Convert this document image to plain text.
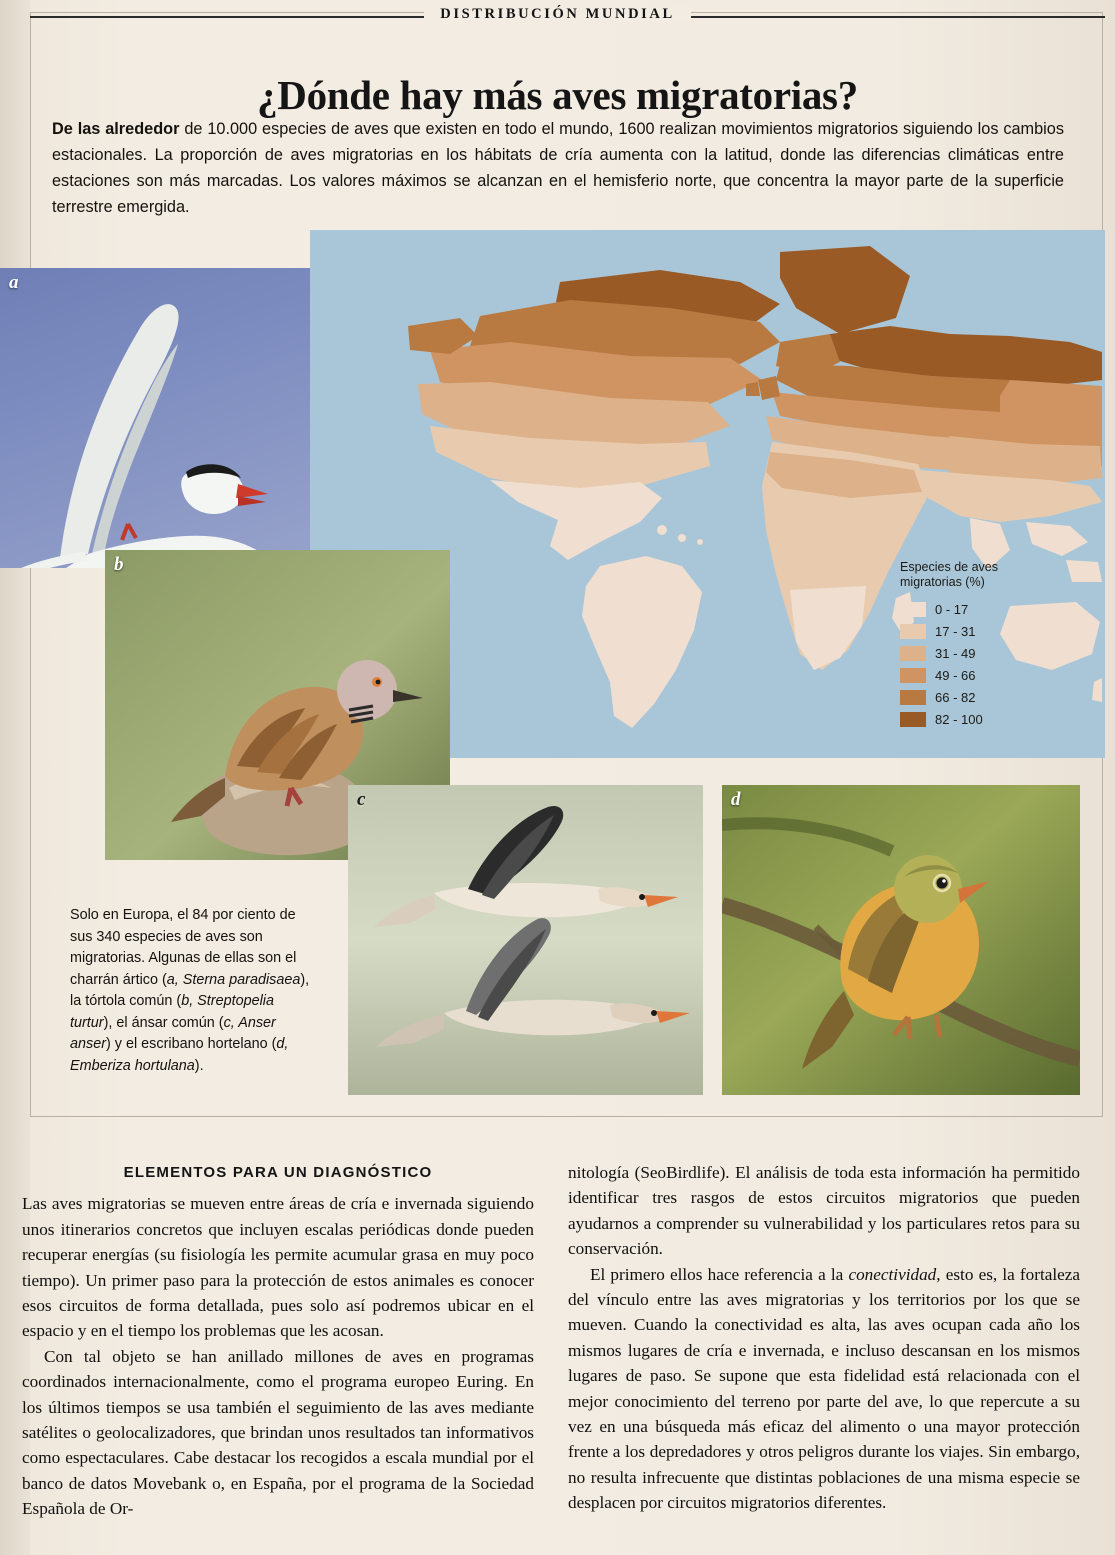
DISTRIBUCIÓN MUNDIAL
¿Dónde hay más aves migratorias?
De las alrededor de 10.000 especies de aves que existen en todo el mundo, 1600 realizan movimientos migratorios siguiendo los cambios estacionales. La proporción de aves migratorias en los hábitats de cría aumenta con la latitud, donde las diferencias climáticas entre estaciones son más marcadas. Los valores máximos se alcanzan en el hemisferio norte, que concentra la mayor parte de la superficie terrestre emergida.
Especies de aves
migratorias (%)
0 - 17
17 - 31
31 - 49
49 - 66
66 - 82
82 - 100
a
b
c	d
Solo en Europa, el 84 por ciento de sus 340 especies de aves son migratorias. Algunas de ellas son el charrán ártico (a, Sterna paradisaea), la tórtola común (b, Streptopelia turtur), el ánsar común (c, Anser anser) y el escribano hortelano (d, Emberiza hortulana).
ELEMENTOS PARA UN DIAGNÓSTICO

Las aves migratorias se mueven entre áreas de cría e invernada siguiendo unos itinerarios concretos que incluyen escalas periódicas donde pueden recuperar energías (su fisiología les permite acumular grasa en muy poco tiempo). Un primer paso para la protección de estos animales es conocer esos circuitos de forma detallada, pues solo así podremos ubicar en el espacio y en el tiempo los problemas que les acosan.

Con tal objeto se han anillado millones de aves en programas coordinados internacionalmente, como el programa europeo Euring. En los últimos tiempos se usa también el seguimiento de las aves mediante satélites o geolocalizadores, que brindan unos resultados tan informativos como espectaculares. Cabe destacar los recogidos a escala mundial por el banco de datos Movebank o, en España, por el programa de la Sociedad Española de Or-

nitología (SeoBirdlife). El análisis de toda esta información ha permitido identificar tres rasgos de estos circuitos migratorios que pueden ayudarnos a comprender su vulnerabilidad y los particulares retos para su conservación.

El primero ellos hace referencia a la conectividad, esto es, la fortaleza del vínculo entre las aves migratorias y los territorios por los que se mueven. Cuando la conectividad es alta, las aves ocupan cada año los mismos lugares de cría e invernada, e incluso descansan en los mismos lugares de paso. Se supone que esta fidelidad está relacionada con el mejor conocimiento del terreno por parte del ave, lo que repercute a su vez en una búsqueda más eficaz del alimento o una mayor protección frente a los depredadores y otros peligros durante los viajes. Sin embargo, no resulta infrecuente que distintas poblaciones de una misma especie se desplacen por circuitos migratorios diferentes.
